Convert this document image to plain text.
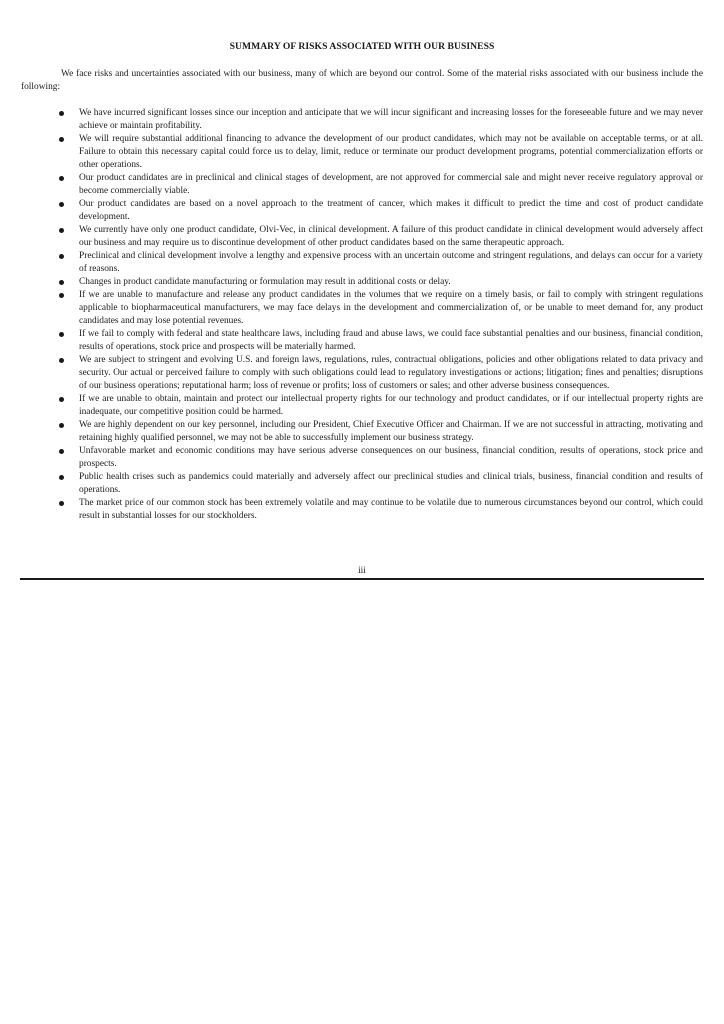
SUMMARY OF RISKS ASSOCIATED WITH OUR BUSINESS

We face risks and uncertainties associated with our business, many of which are beyond our control. Some of the material risks associated with our business include the following:

We have incurred significant losses since our inception and anticipate that we will incur significant and increasing losses for the foreseeable future and we may never achieve or maintain profitability.
We will require substantial additional financing to advance the development of our product candidates, which may not be available on acceptable terms, or at all. Failure to obtain this necessary capital could force us to delay, limit, reduce or terminate our product development programs, potential commercialization efforts or other operations.
Our product candidates are in preclinical and clinical stages of development, are not approved for commercial sale and might never receive regulatory approval or become commercially viable.
Our product candidates are based on a novel approach to the treatment of cancer, which makes it difficult to predict the time and cost of product candidate development.
We currently have only one product candidate, Olvi-Vec, in clinical development. A failure of this product candidate in clinical development would adversely affect our business and may require us to discontinue development of other product candidates based on the same therapeutic approach.
Preclinical and clinical development involve a lengthy and expensive process with an uncertain outcome and stringent regulations, and delays can occur for a variety of reasons.
Changes in product candidate manufacturing or formulation may result in additional costs or delay.
If we are unable to manufacture and release any product candidates in the volumes that we require on a timely basis, or fail to comply with stringent regulations applicable to biopharmaceutical manufacturers, we may face delays in the development and commercialization of, or be unable to meet demand for, any product candidates and may lose potential revenues.
If we fail to comply with federal and state healthcare laws, including fraud and abuse laws, we could face substantial penalties and our business, financial condition, results of operations, stock price and prospects will be materially harmed.
We are subject to stringent and evolving U.S. and foreign laws, regulations, rules, contractual obligations, policies and other obligations related to data privacy and security. Our actual or perceived failure to comply with such obligations could lead to regulatory investigations or actions; litigation; fines and penalties; disruptions of our business operations; reputational harm; loss of revenue or profits; loss of customers or sales; and other adverse business consequences.
If we are unable to obtain, maintain and protect our intellectual property rights for our technology and product candidates, or if our intellectual property rights are inadequate, our competitive position could be harmed.
We are highly dependent on our key personnel, including our President, Chief Executive Officer and Chairman. If we are not successful in attracting, motivating and retaining highly qualified personnel, we may not be able to successfully implement our business strategy.
Unfavorable market and economic conditions may have serious adverse consequences on our business, financial condition, results of operations, stock price and prospects.
Public health crises such as pandemics could materially and adversely affect our preclinical studies and clinical trials, business, financial condition and results of operations.
The market price of our common stock has been extremely volatile and may continue to be volatile due to numerous circumstances beyond our control, which could result in substantial losses for our stockholders.
iii
